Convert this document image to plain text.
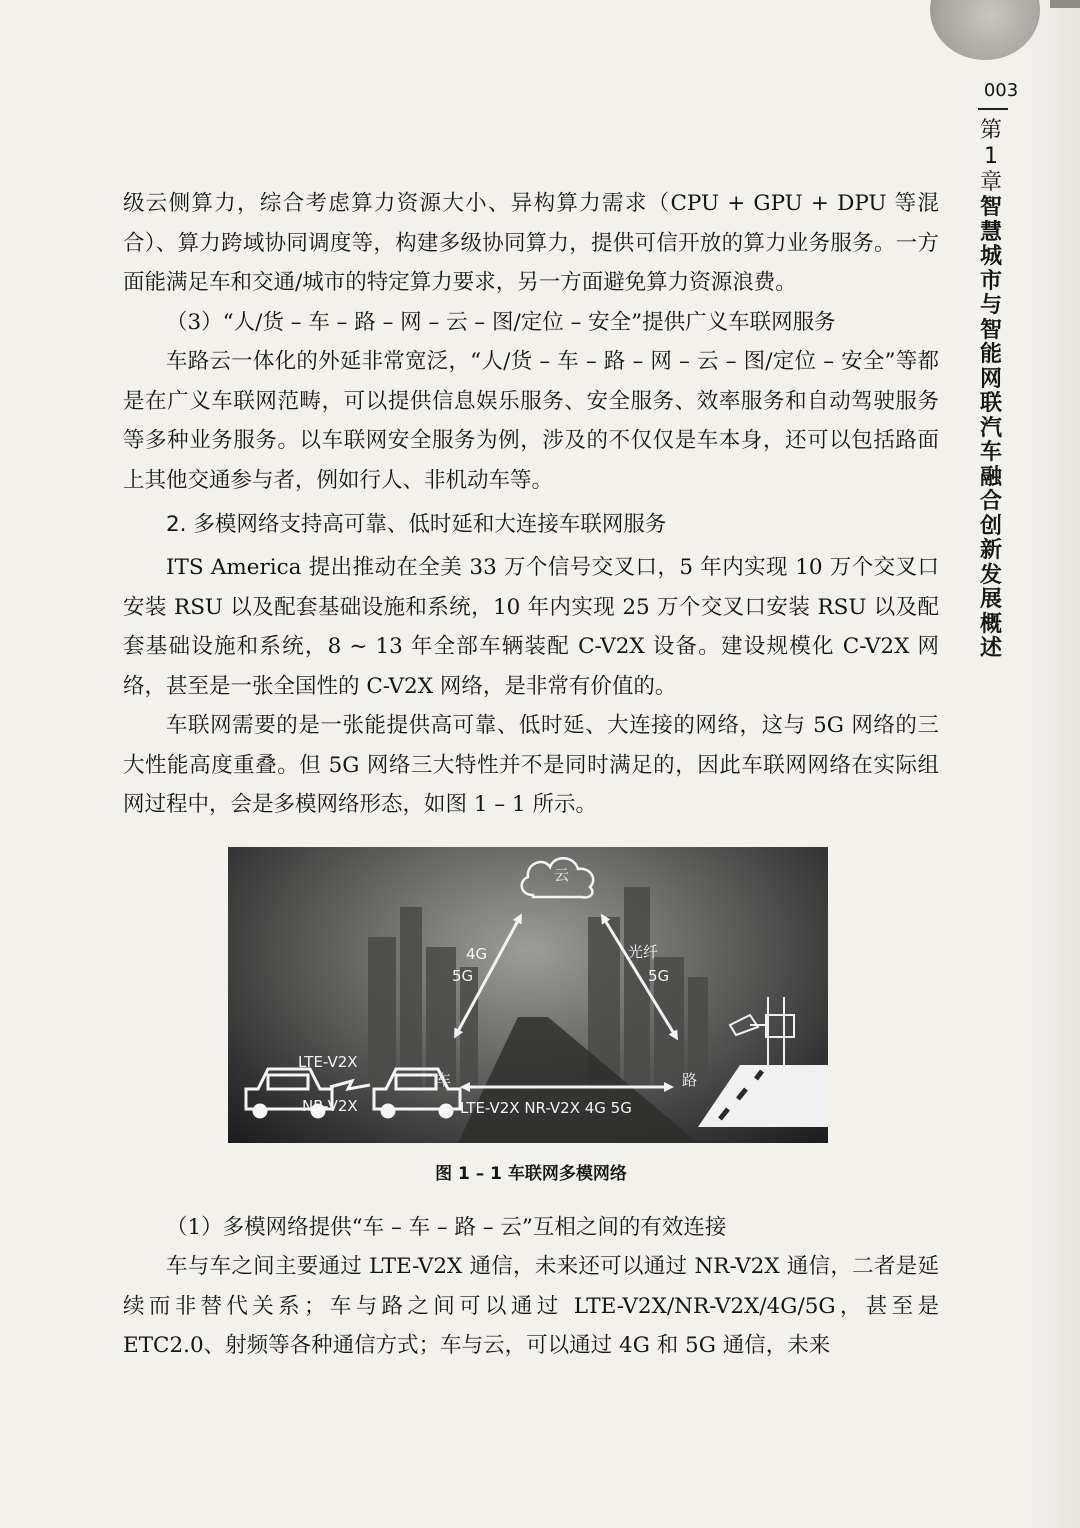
003
第1章
智慧城市与智能网联汽车融合创新发展概述

级云侧算力，综合考虑算力资源大小、异构算力需求（CPU + GPU + DPU 等混合）、算力跨域协同调度等，构建多级协同算力，提供可信开放的算力业务服务。一方面能满足车和交通/城市的特定算力要求，另一方面避免算力资源浪费。

（3）“人/货 – 车 – 路 – 网 – 云 – 图/定位 – 安全”提供广义车联网服务

车路云一体化的外延非常宽泛，“人/货 – 车 – 路 – 网 – 云 – 图/定位 – 安全”等都是在广义车联网范畴，可以提供信息娱乐服务、安全服务、效率服务和自动驾驶服务等多种业务服务。以车联网安全服务为例，涉及的不仅仅是车本身，还可以包括路面上其他交通参与者，例如行人、非机动车等。

2. 多模网络支持高可靠、低时延和大连接车联网服务

ITS America 提出推动在全美 33 万个信号交叉口，5 年内实现 10 万个交叉口安装 RSU 以及配套基础设施和系统，10 年内实现 25 万个交叉口安装 RSU 以及配套基础设施和系统，8 ~ 13 年全部车辆装配 C-V2X 设备。建设规模化 C-V2X 网络，甚至是一张全国性的 C-V2X 网络，是非常有价值的。

车联网需要的是一张能提供高可靠、低时延、大连接的网络，这与 5G 网络的三大性能高度重叠。但 5G 网络三大特性并不是同时满足的，因此车联网网络在实际组网过程中，会是多模网络形态，如图 1 – 1 所示。

云
4G
5G
光纤
5G
LTE-V2X
NR-V2X
车	路
LTE-V2X NR-V2X 4G 5G

图 1 – 1 车联网多模网络

（1）多模网络提供“车 – 车 – 路 – 云”互相之间的有效连接

车与车之间主要通过 LTE-V2X 通信，未来还可以通过 NR-V2X 通信，二者是延续而非替代关系；车与路之间可以通过 LTE-V2X/NR-V2X/4G/5G，甚至是 ETC2.0、射频等各种通信方式；车与云，可以通过 4G 和 5G 通信，未来
